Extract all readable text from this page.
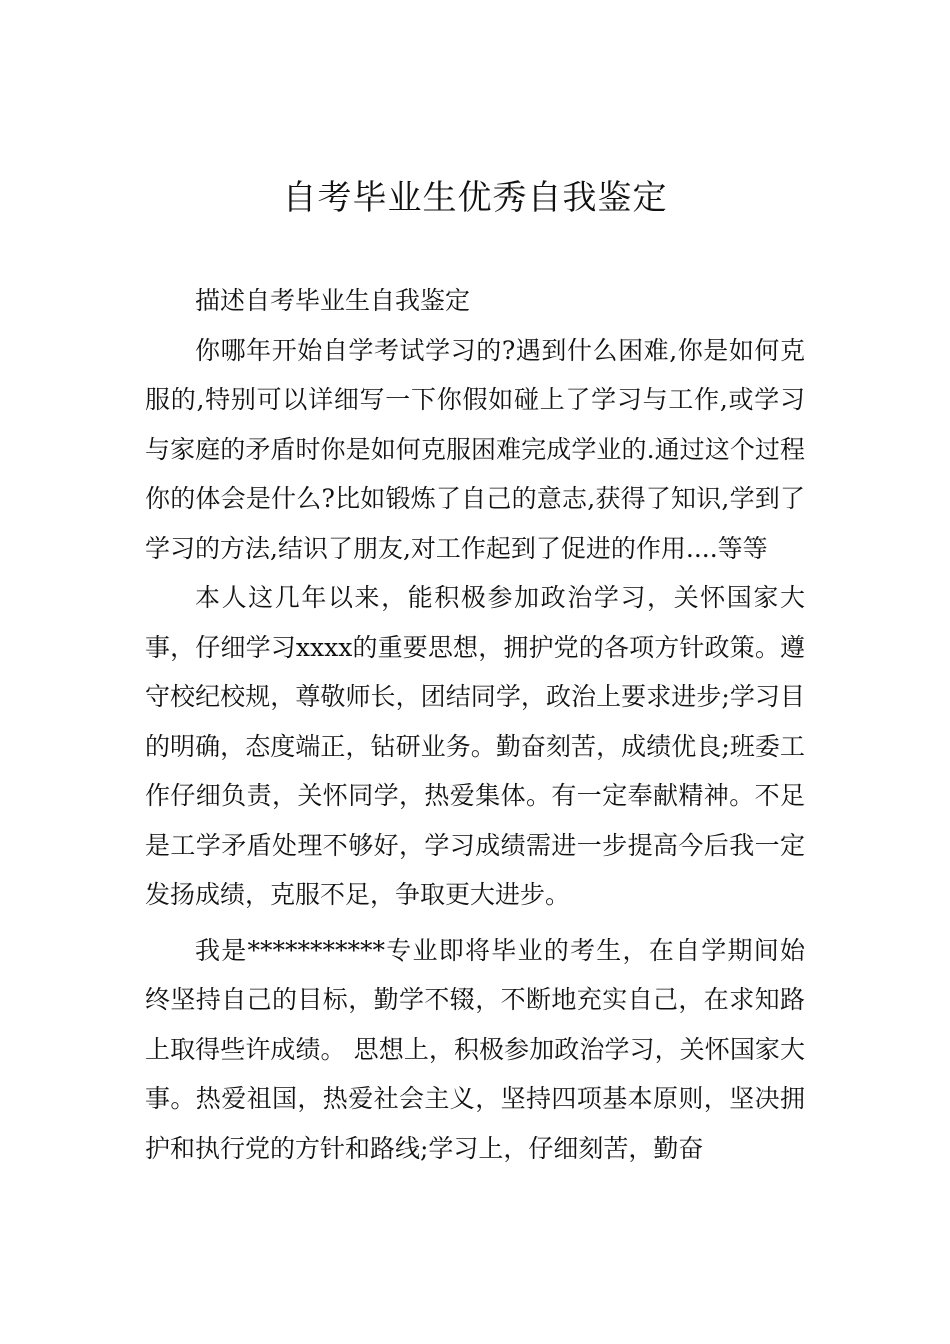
自考毕业生优秀自我鉴定

描述自考毕业生自我鉴定

你哪年开始自学考试学习的?遇到什么困难,你是如何克服的,特别可以详细写一下你假如碰上了学习与工作,或学习与家庭的矛盾时你是如何克服困难完成学业的.通过这个过程你的体会是什么?比如锻炼了自己的意志,获得了知识,学到了学习的方法,结识了朋友,对工作起到了促进的作用....等等

本人这几年以来，能积极参加政治学习，关怀国家大事，仔细学习xxxx的重要思想，拥护党的各项方针政策。遵守校纪校规，尊敬师长，团结同学，政治上要求进步;学习目的明确，态度端正，钻研业务。勤奋刻苦，成绩优良;班委工作仔细负责，关怀同学，热爱集体。有一定奉献精神。不足是工学矛盾处理不够好，学习成绩需进一步提高今后我一定发扬成绩，克服不足，争取更大进步。

我是***********专业即将毕业的考生，在自学期间始终坚持自己的目标，勤学不辍，不断地充实自己，在求知路上取得些许成绩。 思想上，积极参加政治学习，关怀国家大事。热爱祖国，热爱社会主义，坚持四项基本原则，坚决拥护和执行党的方针和路线;学习上，仔细刻苦，勤奋
